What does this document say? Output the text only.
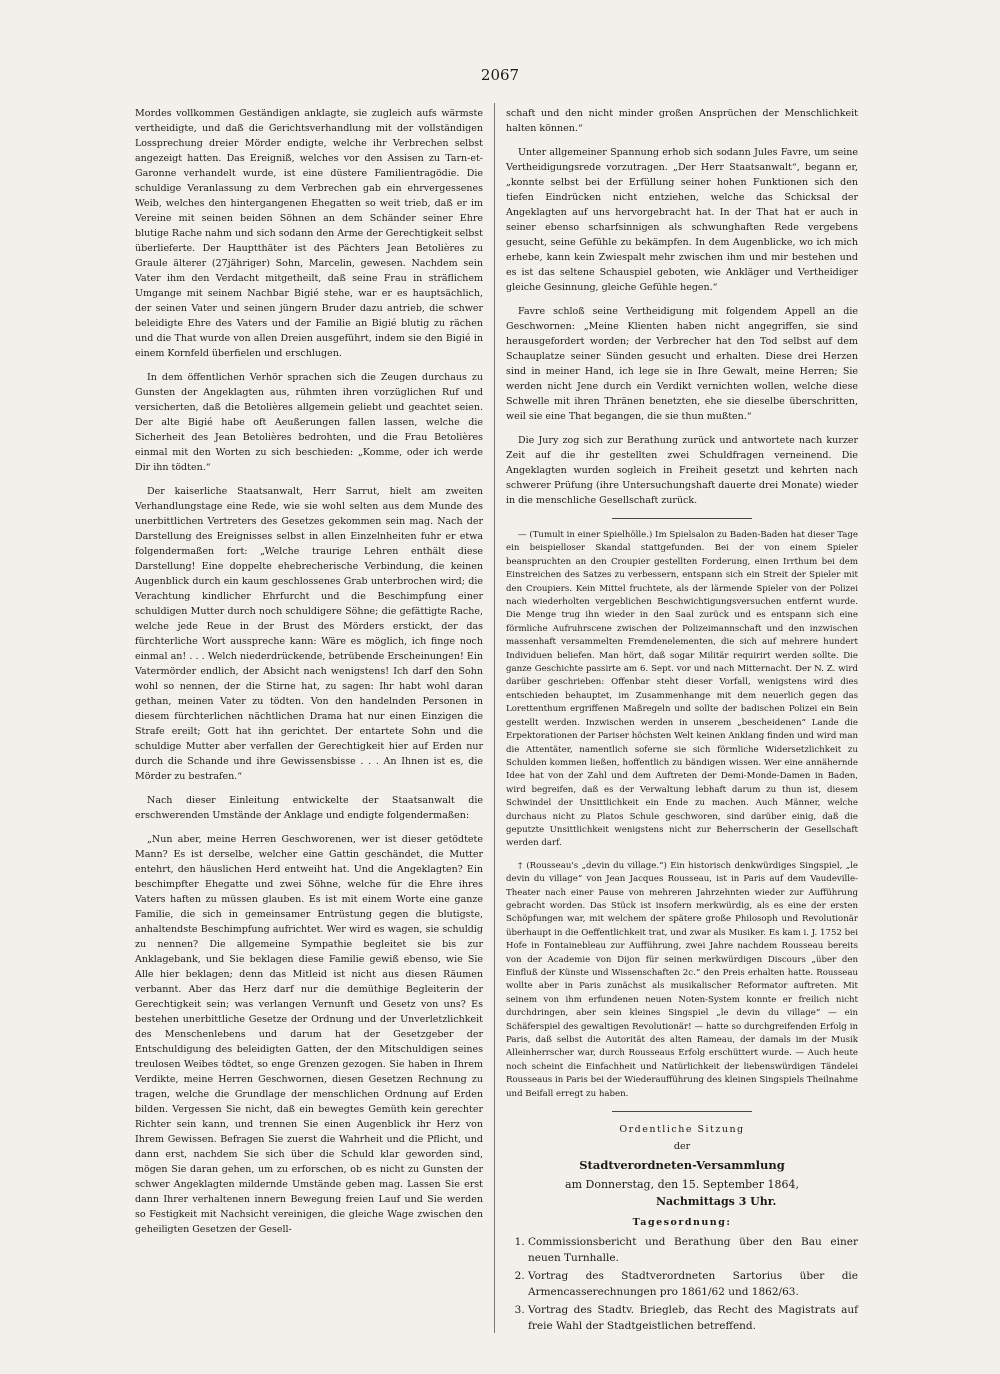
2067

Mordes vollkommen Geständigen anklagte, sie zugleich aufs wärmste vertheidigte, und daß die Gerichtsverhandlung mit der vollständigen Lossprechung dreier Mörder endigte, welche ihr Verbrechen selbst angezeigt hatten. Das Ereigniß, welches vor den Assisen zu Tarn-et-Garonne verhandelt wurde, ist eine düstere Familientragödie. Die schuldige Veranlassung zu dem Verbrechen gab ein ehrvergessenes Weib, welches den hintergangenen Ehegatten so weit trieb, daß er im Vereine mit seinen beiden Söhnen an dem Schänder seiner Ehre blutige Rache nahm und sich sodann den Arme der Gerechtigkeit selbst überlieferte. Der Hauptthäter ist des Pächters Jean Betolières zu Graule älterer (27jähriger) Sohn, Marcelin, gewesen. Nachdem sein Vater ihm den Verdacht mitgetheilt, daß seine Frau in sträflichem Umgange mit seinem Nachbar Bigié stehe, war er es hauptsächlich, der seinen Vater und seinen jüngern Bruder dazu antrieb, die schwer beleidigte Ehre des Vaters und der Familie an Bigié blutig zu rächen und die That wurde von allen Dreien ausgeführt, indem sie den Bigié in einem Kornfeld überfielen und erschlugen.

In dem öffentlichen Verhör sprachen sich die Zeugen durchaus zu Gunsten der Angeklagten aus, rühmten ihren vorzüglichen Ruf und versicherten, daß die Betolières allgemein geliebt und geachtet seien. Der alte Bigié habe oft Aeußerungen fallen lassen, welche die Sicherheit des Jean Betolières bedrohten, und die Frau Betolières einmal mit den Worten zu sich beschieden: „Komme, oder ich werde Dir ihn tödten.“

Der kaiserliche Staatsanwalt, Herr Sarrut, hielt am zweiten Verhandlungstage eine Rede, wie sie wohl selten aus dem Munde des unerbittlichen Vertreters des Gesetzes gekommen sein mag. Nach der Darstellung des Ereignisses selbst in allen Einzelnheiten fuhr er etwa folgendermaßen fort: „Welche traurige Lehren enthält diese Darstellung! Eine doppelte ehebrecherische Verbindung, die keinen Augenblick durch ein kaum geschlossenes Grab unterbrochen wird; die Verachtung kindlicher Ehrfurcht und die Beschimpfung einer schuldigen Mutter durch noch schuldigere Söhne; die gefättigte Rache, welche jede Reue in der Brust des Mörders erstickt, der das fürchterliche Wort ausspreche kann: Wäre es möglich, ich finge noch einmal an! . . . Welch niederdrückende, betrübende Erscheinungen! Ein Vatermörder endlich, der Absicht nach wenigstens! Ich darf den Sohn wohl so nennen, der die Stirne hat, zu sagen: Ihr habt wohl daran gethan, meinen Vater zu tödten. Von den handelnden Personen in diesem fürchterlichen nächtlichen Drama hat nur einen Einzigen die Strafe ereilt; Gott hat ihn gerichtet. Der entartete Sohn und die schuldige Mutter aber verfallen der Gerechtigkeit hier auf Erden nur durch die Schande und ihre Gewissensbisse . . . An Ihnen ist es, die Mörder zu bestrafen.“

Nach dieser Einleitung entwickelte der Staatsanwalt die erschwerenden Umstände der Anklage und endigte folgendermaßen:

„Nun aber, meine Herren Geschworenen, wer ist dieser getödtete Mann? Es ist derselbe, welcher eine Gattin geschändet, die Mutter entehrt, den häuslichen Herd entweiht hat. Und die Angeklagten? Ein beschimpfter Ehegatte und zwei Söhne, welche für die Ehre ihres Vaters haften zu müssen glauben. Es ist mit einem Worte eine ganze Familie, die sich in gemeinsamer Entrüstung gegen die blutigste, anhaltendste Beschimpfung aufrichtet. Wer wird es wagen, sie schuldig zu nennen? Die allgemeine Sympathie begleitet sie bis zur Anklagebank, und Sie beklagen diese Familie gewiß ebenso, wie Sie Alle hier beklagen; denn das Mitleid ist nicht aus diesen Räumen verbannt. Aber das Herz darf nur die demüthige Begleiterin der Gerechtigkeit sein; was verlangen Vernunft und Gesetz von uns? Es bestehen unerbittliche Gesetze der Ordnung und der Unverletzlichkeit des Menschenlebens und darum hat der Gesetzgeber der Entschuldigung des beleidigten Gatten, der den Mitschuldigen seines treulosen Weibes tödtet, so enge Grenzen gezogen. Sie haben in Ihrem Verdikte, meine Herren Geschwornen, diesen Gesetzen Rechnung zu tragen, welche die Grundlage der menschlichen Ordnung auf Erden bilden. Vergessen Sie nicht, daß ein bewegtes Gemüth kein gerechter Richter sein kann, und trennen Sie einen Augenblick ihr Herz von Ihrem Gewissen. Befragen Sie zuerst die Wahrheit und die Pflicht, und dann erst, nachdem Sie sich über die Schuld klar geworden sind, mögen Sie daran gehen, um zu erforschen, ob es nicht zu Gunsten der schwer Angeklagten mildernde Umstände geben mag. Lassen Sie erst dann Ihrer verhaltenen innern Bewegung freien Lauf und Sie werden so Festigkeit mit Nachsicht vereinigen, die gleiche Wage zwischen den geheiligten Gesetzen der Gesell-

schaft und den nicht minder großen Ansprüchen der Menschlichkeit halten können.“

Unter allgemeiner Spannung erhob sich sodann Jules Favre, um seine Vertheidigungsrede vorzutragen. „Der Herr Staatsanwalt“, begann er, „konnte selbst bei der Erfüllung seiner hohen Funktionen sich den tiefen Eindrücken nicht entziehen, welche das Schicksal der Angeklagten auf uns hervorgebracht hat. In der That hat er auch in seiner ebenso scharfsinnigen als schwunghaften Rede vergebens gesucht, seine Gefühle zu bekämpfen. In dem Augenblicke, wo ich mich erhebe, kann kein Zwiespalt mehr zwischen ihm und mir bestehen und es ist das seltene Schauspiel geboten, wie Ankläger und Vertheidiger gleiche Gesinnung, gleiche Gefühle hegen.“

Favre schloß seine Vertheidigung mit folgendem Appell an die Geschwornen: „Meine Klienten haben nicht angegriffen, sie sind herausgefordert worden; der Verbrecher hat den Tod selbst auf dem Schauplatze seiner Sünden gesucht und erhalten. Diese drei Herzen sind in meiner Hand, ich lege sie in Ihre Gewalt, meine Herren; Sie werden nicht Jene durch ein Verdikt vernichten wollen, welche diese Schwelle mit ihren Thränen benetzten, ehe sie dieselbe überschritten, weil sie eine That begangen, die sie thun mußten.“

Die Jury zog sich zur Berathung zurück und antwortete nach kurzer Zeit auf die ihr gestellten zwei Schuldfragen verneinend. Die Angeklagten wurden sogleich in Freiheit gesetzt und kehrten nach schwerer Prüfung (ihre Untersuchungshaft dauerte drei Monate) wieder in die menschliche Gesellschaft zurück.

— (Tumult in einer Spielhölle.) Im Spielsalon zu Baden-Baden hat dieser Tage ein beispielloser Skandal stattgefunden. Bei der von einem Spieler beanspruchten an den Croupier gestellten Forderung, einen Irrthum bei dem Einstreichen des Satzes zu verbessern, entspann sich ein Streit der Spieler mit den Croupiers. Kein Mittel fruchtete, als der lärmende Spieler von der Polizei nach wiederholten vergeblichen Beschwichtigungsversuchen entfernt wurde. Die Menge trug ihn wieder in den Saal zurück und es entspann sich eine förmliche Aufruhrscene zwischen der Polizeimannschaft und den inzwischen massenhaft versammelten Fremdenelementen, die sich auf mehrere hundert Individuen beliefen. Man hört, daß sogar Militär requirirt werden sollte. Die ganze Geschichte passirte am 6. Sept. vor und nach Mitternacht. Der N. Z. wird darüber geschrieben: Offenbar steht dieser Vorfall, wenigstens wird dies entschieden behauptet, im Zusammenhange mit dem neuerlich gegen das Lorettenthum ergriffenen Maßregeln und sollte der badischen Polizei ein Bein gestellt werden. Inzwischen werden in unserem „bescheidenen“ Lande die Erpektorationen der Pariser höchsten Welt keinen Anklang finden und wird man die Attentäter, namentlich soferne sie sich förmliche Widersetzlichkeit zu Schulden kommen ließen, hoffentlich zu bändigen wissen. Wer eine annähernde Idee hat von der Zahl und dem Auftreten der Demi-Monde-Damen in Baden, wird begreifen, daß es der Verwaltung lebhaft darum zu thun ist, diesem Schwindel der Unsittlichkeit ein Ende zu machen. Auch Männer, welche durchaus nicht zu Platos Schule geschworen, sind darüber einig, daß die geputzte Unsittlichkeit wenigstens nicht zur Beherrscherin der Gesellschaft werden darf.

† (Rousseau's „devin du village.“) Ein historisch denkwürdiges Singspiel, „le devin du village“ von Jean Jacques Rousseau, ist in Paris auf dem Vaudeville-Theater nach einer Pause von mehreren Jahrzehnten wieder zur Aufführung gebracht worden. Das Stück ist insofern merkwürdig, als es eine der ersten Schöpfungen war, mit welchem der spätere große Philosoph und Revolutionär überhaupt in die Oeffentlichkeit trat, und zwar als Musiker. Es kam i. J. 1752 bei Hofe in Fontainebleau zur Aufführung, zwei Jahre nachdem Rousseau bereits von der Academie von Dijon für seinen merkwürdigen Discours „über den Einfluß der Künste und Wissenschaften 2c.“ den Preis erhalten hatte. Rousseau wollte aber in Paris zunächst als musikalischer Reformator auftreten. Mit seinem von ihm erfundenen neuen Noten-System konnte er freilich nicht durchdringen, aber sein kleines Singspiel „le devin du village“ — ein Schäferspiel des gewaltigen Revolutionär! — hatte so durchgreifenden Erfolg in Paris, daß selbst die Autorität des alten Rameau, der damals im der Musik Alleinherrscher war, durch Rousseaus Erfolg erschüttert wurde. — Auch heute noch scheint die Einfachheit und Natürlichkeit der liebenswürdigen Tändelei Rousseaus in Paris bei der Wiederaufführung des kleinen Singspiels Theilnahme und Beifall erregt zu haben.

Ordentliche Sitzung
der
Stadtverordneten-Versammlung
am Donnerstag, den 15. September 1864,
Nachmittags 3 Uhr.
Tagesordnung:
1. Commissionsbericht und Berathung über den Bau einer neuen Turnhalle.
2. Vortrag des Stadtverordneten Sartorius über die Armencasserechnungen pro 1861/62 und 1862/63.
3. Vortrag des Stadtv. Briegleb, das Recht des Magistrats auf freie Wahl der Stadtgeistlichen betreffend.
